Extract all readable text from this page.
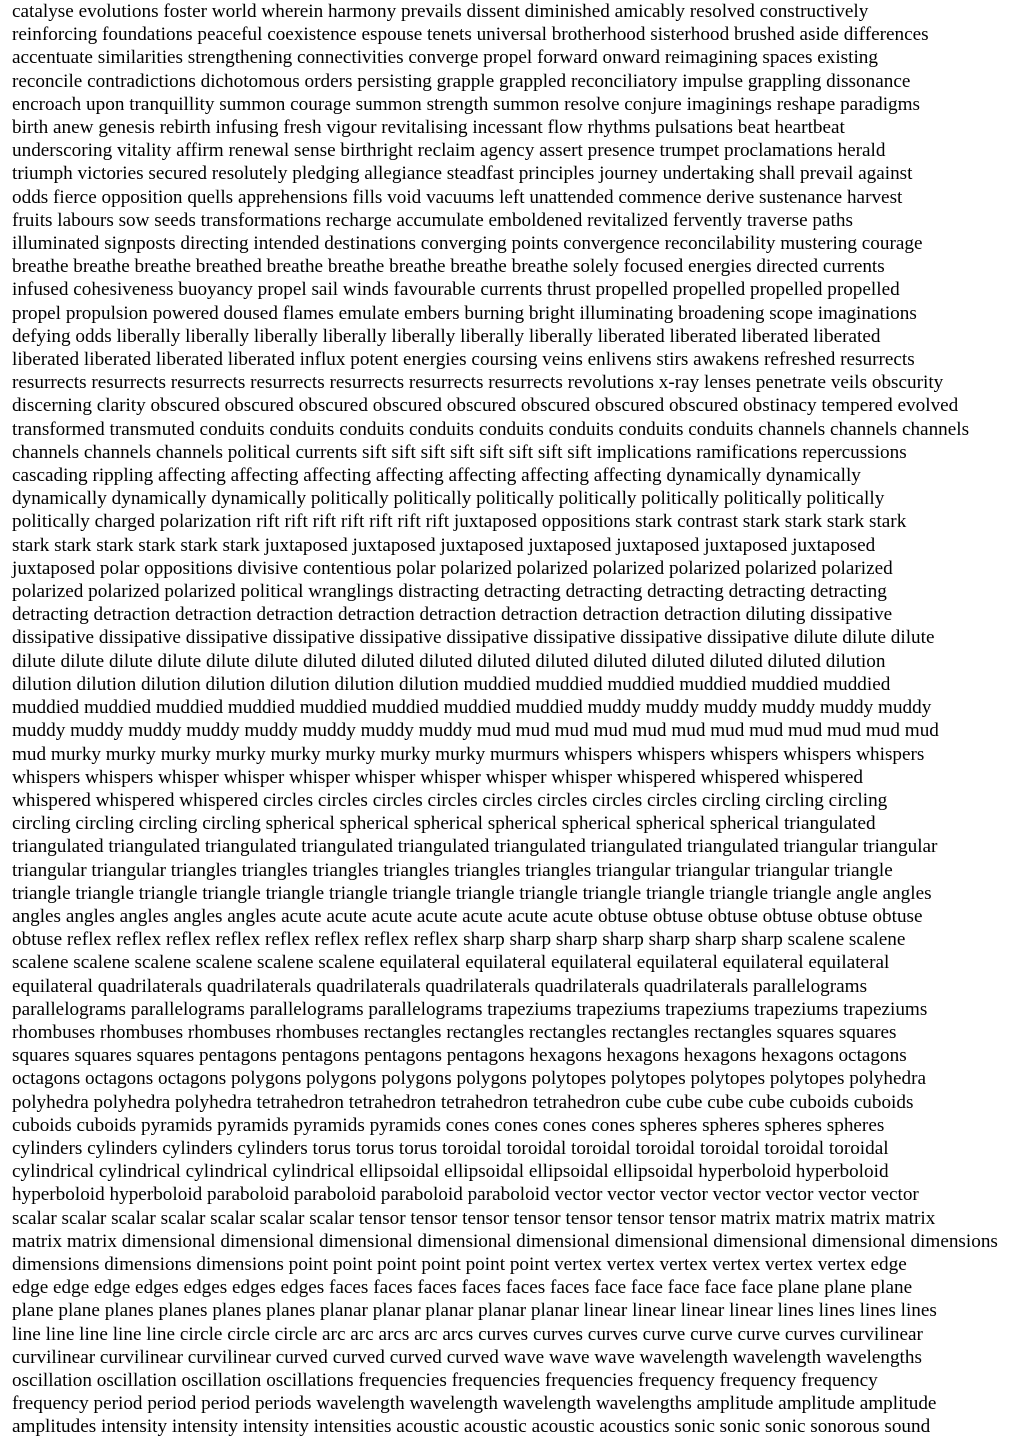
catalyse evolutions foster world wherein harmony prevails dissent diminished amicably resolved constructively
reinforcing foundations peaceful coexistence espouse tenets universal brotherhood sisterhood brushed aside differences
accentuate similarities strengthening connectivities converge propel forward onward reimagining spaces existing
reconcile contradictions dichotomous orders persisting grapple grappled reconciliatory impulse grappling dissonance
encroach upon tranquillity summon courage summon strength summon resolve conjure imaginings reshape paradigms
birth anew genesis rebirth infusing fresh vigour revitalising incessant flow rhythms pulsations beat heartbeat
underscoring vitality affirm renewal sense birthright reclaim agency assert presence trumpet proclamations herald
triumph victories secured resolutely pledging allegiance steadfast principles journey undertaking shall prevail against
odds fierce opposition quells apprehensions fills void vacuums left unattended commence derive sustenance harvest
fruits labours sow seeds transformations recharge accumulate emboldened revitalized fervently traverse paths
illuminated signposts directing intended destinations converging points convergence reconcilability mustering courage
breathe breathe breathe breathed breathe breathe breathe breathe breathe solely focused energies directed currents
infused cohesiveness buoyancy propel sail winds favourable currents thrust propelled propelled propelled propelled
propel propulsion powered doused flames emulate embers burning bright illuminating broadening scope imaginations
defying odds liberally liberally liberally liberally liberally liberally liberally liberated liberated liberated liberated
liberated liberated liberated liberated influx potent energies coursing veins enlivens stirs awakens refreshed resurrects
resurrects resurrects resurrects resurrects resurrects resurrects resurrects revolutions x-ray lenses penetrate veils obscurity
discerning clarity obscured obscured obscured obscured obscured obscured obscured obscured obstinacy tempered evolved
transformed transmuted conduits conduits conduits conduits conduits conduits conduits conduits channels channels channels
channels channels channels political currents sift sift sift sift sift sift sift sift implications ramifications repercussions
cascading rippling affecting affecting affecting affecting affecting affecting affecting dynamically dynamically
dynamically dynamically dynamically politically politically politically politically politically politically politically
politically charged polarization rift rift rift rift rift rift rift juxtaposed oppositions stark contrast stark stark stark stark
stark stark stark stark stark stark juxtaposed juxtaposed juxtaposed juxtaposed juxtaposed juxtaposed juxtaposed
juxtaposed polar oppositions divisive contentious polar polarized polarized polarized polarized polarized polarized
polarized polarized polarized political wranglings distracting detracting detracting detracting detracting detracting
detracting detraction detraction detraction detraction detraction detraction detraction detraction diluting dissipative
dissipative dissipative dissipative dissipative dissipative dissipative dissipative dissipative dissipative dilute dilute dilute
dilute dilute dilute dilute dilute dilute diluted diluted diluted diluted diluted diluted diluted diluted diluted dilution
dilution dilution dilution dilution dilution dilution dilution muddied muddied muddied muddied muddied muddied
muddied muddied muddied muddied muddied muddied muddied muddied muddy muddy muddy muddy muddy muddy
muddy muddy muddy muddy muddy muddy muddy muddy mud mud mud mud mud mud mud mud mud mud mud mud
mud murky murky murky murky murky murky murky murky murmurs whispers whispers whispers whispers whispers
whispers whispers whisper whisper whisper whisper whisper whisper whisper whispered whispered whispered
whispered whispered whispered circles circles circles circles circles circles circles circles circling circling circling
circling circling circling circling spherical spherical spherical spherical spherical spherical spherical triangulated
triangulated triangulated triangulated triangulated triangulated triangulated triangulated triangulated triangular triangular
triangular triangular triangles triangles triangles triangles triangles triangles triangular triangular triangular triangle
triangle triangle triangle triangle triangle triangle triangle triangle triangle triangle triangle triangle triangle angle angles
angles angles angles angles angles acute acute acute acute acute acute acute obtuse obtuse obtuse obtuse obtuse obtuse
obtuse reflex reflex reflex reflex reflex reflex reflex reflex sharp sharp sharp sharp sharp sharp sharp scalene scalene
scalene scalene scalene scalene scalene scalene equilateral equilateral equilateral equilateral equilateral equilateral
equilateral quadrilaterals quadrilaterals quadrilaterals quadrilaterals quadrilaterals quadrilaterals parallelograms
parallelograms parallelograms parallelograms parallelograms trapeziums trapeziums trapeziums trapeziums trapeziums
rhombuses rhombuses rhombuses rhombuses rectangles rectangles rectangles rectangles rectangles squares squares
squares squares squares pentagons pentagons pentagons pentagons hexagons hexagons hexagons hexagons octagons
octagons octagons octagons polygons polygons polygons polygons polytopes polytopes polytopes polytopes polyhedra
polyhedra polyhedra polyhedra tetrahedron tetrahedron tetrahedron tetrahedron cube cube cube cube cuboids cuboids
cuboids cuboids pyramids pyramids pyramids pyramids cones cones cones cones spheres spheres spheres spheres
cylinders cylinders cylinders cylinders torus torus torus toroidal toroidal toroidal toroidal toroidal toroidal toroidal
cylindrical cylindrical cylindrical cylindrical ellipsoidal ellipsoidal ellipsoidal ellipsoidal hyperboloid hyperboloid
hyperboloid hyperboloid paraboloid paraboloid paraboloid paraboloid vector vector vector vector vector vector vector
scalar scalar scalar scalar scalar scalar scalar tensor tensor tensor tensor tensor tensor tensor matrix matrix matrix matrix
matrix matrix dimensional dimensional dimensional dimensional dimensional dimensional dimensional dimensional dimensions
dimensions dimensions dimensions point point point point point point vertex vertex vertex vertex vertex vertex edge
edge edge edge edges edges edges edges faces faces faces faces faces faces face face face face face plane plane plane
plane plane planes planes planes planes planar planar planar planar planar linear linear linear linear lines lines lines lines
line line line line line circle circle circle arc arc arcs arc arcs curves curves curves curve curve curve curves curvilinear
curvilinear curvilinear curvilinear curved curved curved curved wave wave wave wavelength wavelength wavelengths
oscillation oscillation oscillation oscillations frequencies frequencies frequencies frequency frequency frequency
frequency period period period periods wavelength wavelength wavelength wavelengths amplitude amplitude amplitude
amplitudes intensity intensity intensity intensities acoustic acoustic acoustic acoustics sonic sonic sonic sonorous sound
